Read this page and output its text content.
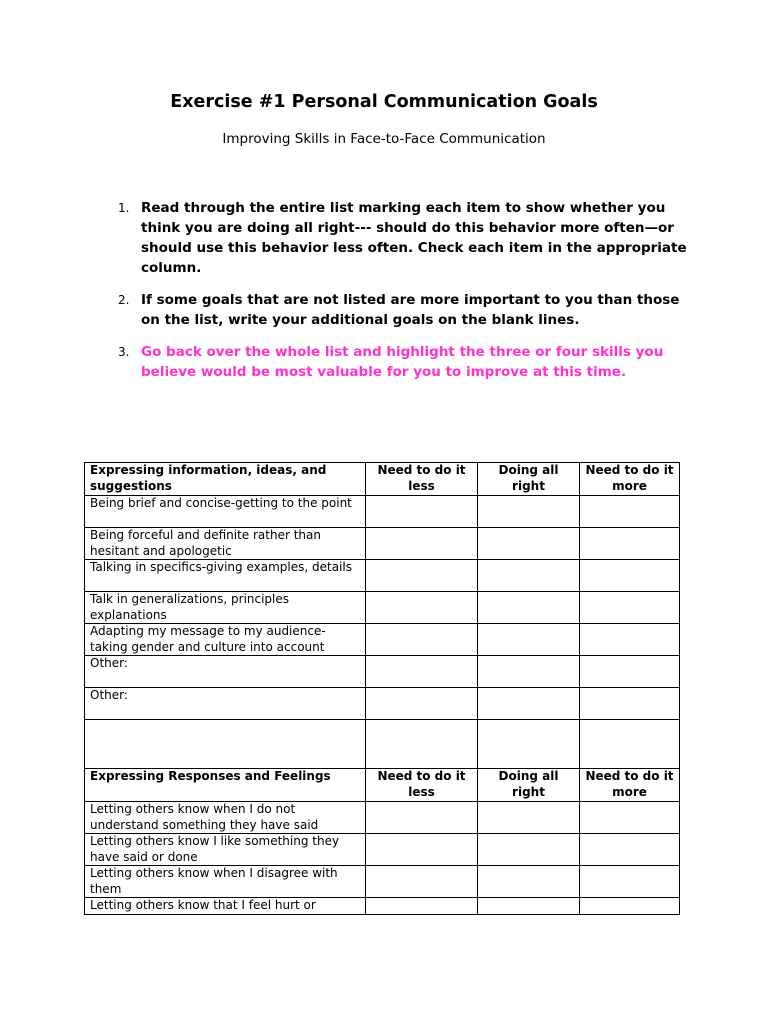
Exercise #1 Personal Communication Goals
Improving Skills in Face-to-Face Communication
1. Read through the entire list marking each item to show whether you think you are doing all right--- should do this behavior more often—or should use this behavior less often. Check each item in the appropriate column.
2. If some goals that are not listed are more important to you than those on the list, write your additional goals on the blank lines.
3. Go back over the whole list and highlight the three or four skills you believe would be most valuable for you to improve at this time.
Expressing information, ideas, and suggestions	Need to do it less	Doing all right	Need to do it more
Being brief and concise-getting to the point			
Being forceful and definite rather than hesitant and apologetic			
Talking in specifics-giving examples, details			
Talk in generalizations, principles explanations			
Adapting my message to my audience-taking gender and culture into account			
Other:			
Other:			

Expressing Responses and Feelings	Need to do it less	Doing all right	Need to do it more
Letting others know when I do not understand something they have said			
Letting others know I like something they have said or done			
Letting others know when I disagree with them			
Letting others know that I feel hurt or			
